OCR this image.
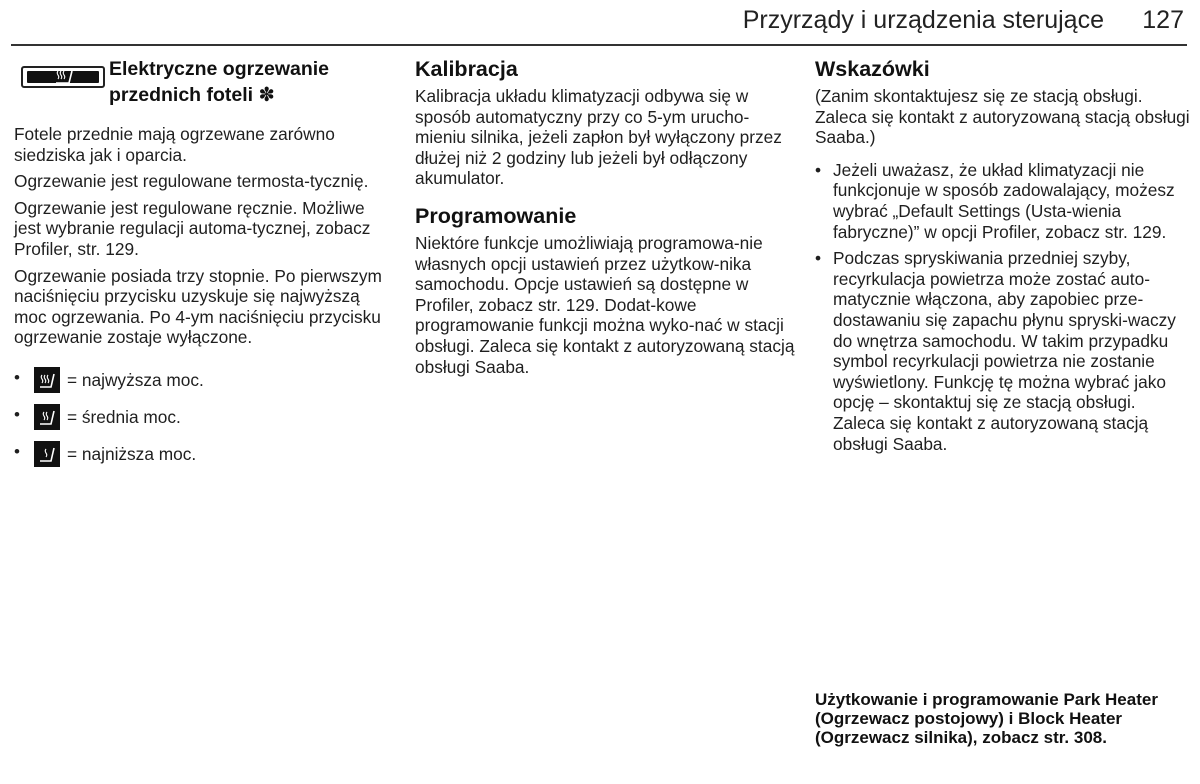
Przyrządy i urządzenia sterujące 127
Elektryczne ogrzewanie przednich foteli ✽

Fotele przednie mają ogrzewane zarówno siedziska jak i oparcia.

Ogrzewanie jest regulowane termosta-tycznię.

Ogrzewanie jest regulowane ręcznie. Możliwe jest wybranie regulacji automa-tycznej, zobacz Profiler, str. 129.

Ogrzewanie posiada trzy stopnie. Po pierwszym naciśnięciu przycisku uzyskuje się najwyższą moc ogrzewania. Po 4-ym naciśnięciu przycisku ogrzewanie zostaje wyłączone.

•	= najwyższa moc.
•	= średnia moc.
•	= najniższa moc.
Kalibracja

Kalibracja układu klimatyzacji odbywa się w sposób automatyczny przy co 5-ym urucho-mieniu silnika, jeżeli zapłon był wyłączony przez dłużej niż 2 godziny lub jeżeli był odłączony akumulator.

Programowanie

Niektóre funkcje umożliwiają programowa-nie własnych opcji ustawień przez użytkow-nika samochodu. Opcje ustawień są dostępne w Profiler, zobacz str. 129. Dodat-kowe programowanie funkcji można wyko-nać w stacji obsługi. Zaleca się kontakt z autoryzowaną stacją obsługi Saaba.

Wskazówki

(Zanim skontaktujesz się ze stacją obsługi. Zaleca się kontakt z autoryzowaną stacją obsługi Saaba.)

• Jeżeli uważasz, że układ klimatyzacji nie funkcjonuje w sposób zadowalający, możesz wybrać „Default Settings (Usta-wienia fabryczne)” w opcji Profiler, zobacz str. 129.
• Podczas spryskiwania przedniej szyby, recyrkulacja powietrza może zostać auto-matycznie włączona, aby zapobiec prze-dostawaniu się zapachu płynu spryski-waczy do wnętrza samochodu. W takim przypadku symbol recyrkulacji powietrza nie zostanie wyświetlony. Funkcję tę można wybrać jako opcję – skontaktuj się ze stacją obsługi. Zaleca się kontakt z autoryzowaną stacją obsługi Saaba.
Użytkowanie i programowanie Park Heater (Ogrzewacz postojowy) i Block Heater (Ogrzewacz silnika), zobacz str. 308.
